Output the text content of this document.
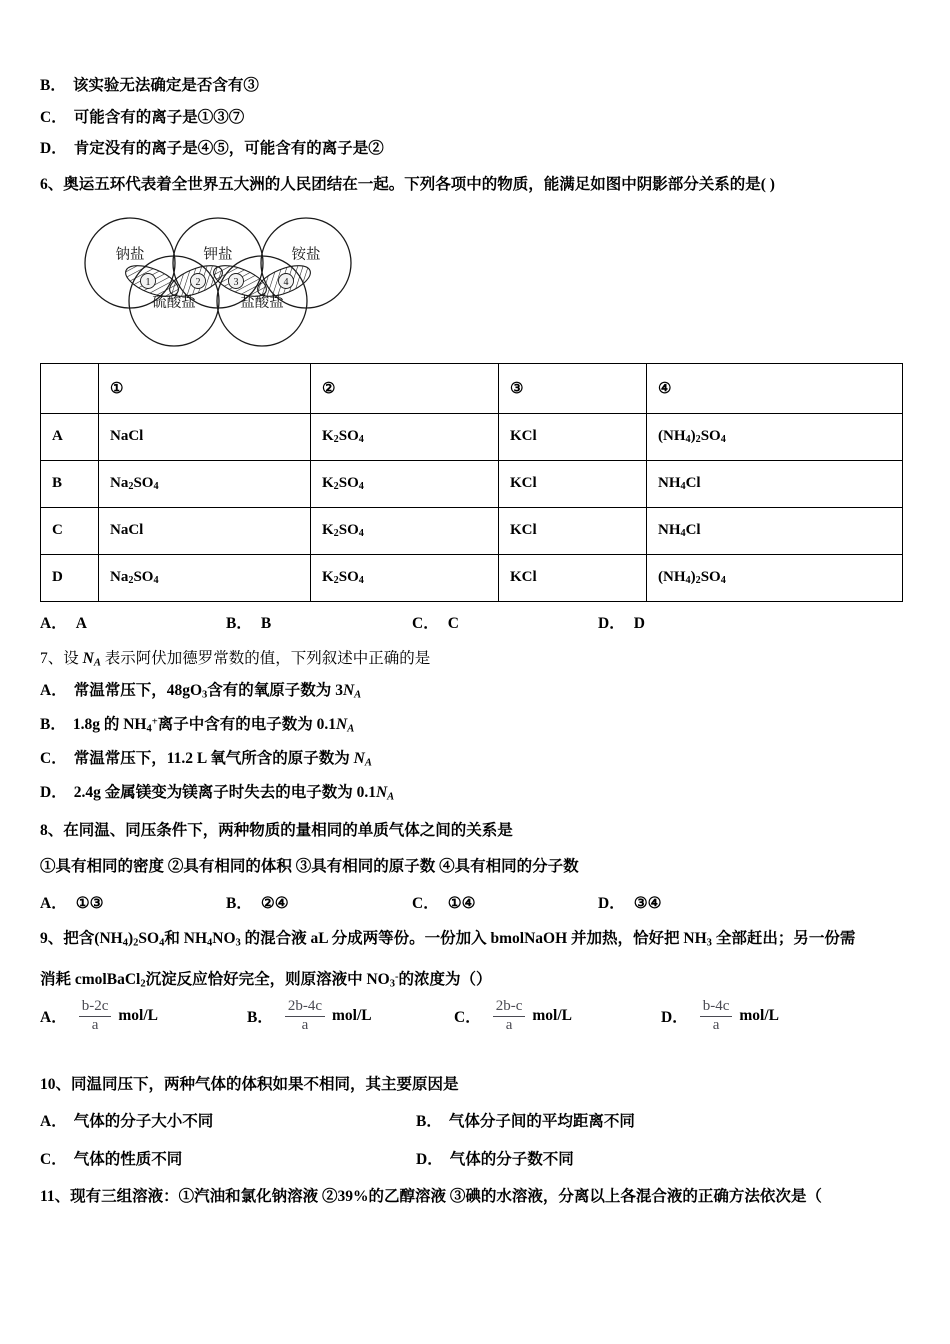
B． 该实验无法确定是否含有③
C． 可能含有的离子是①③⑦
D． 肯定没有的离子是④⑤，可能含有的离子是②
6、奥运五环代表着全世界五大洲的人民团结在一起。下列各项中的物质，能满足如图中阴影部分关系的是( )
1	2	3	4
钠盐	钾盐	铵盐
硫酸盐	盐酸盐
	①	②	③	④
A	NaCl	$K_2SO_4$	KCl	$(NH_4)_2SO_4$
B	$Na_2SO_4$	$K_2SO_4$	KCl	$NH_4Cl$
C	NaCl	$K_2SO_4$	KCl	$NH_4Cl$
D	$Na_2SO_4$	$K_2SO_4$	KCl	$(NH_4)_2SO_4$
A． A	B． B	C． C	D． D
7、设 $N_A$ 表示阿伏加德罗常数的值，下列叙述中正确的是
A． 常温常压下，$48gO_3$含有的氧原子数为 $3N_A$
B． 1.8g 的 $NH_4^+$离子中含有的电子数为 $0.1N_A$
C． 常温常压下，11.2 L 氧气所含的原子数为 $N_A$
D． 2.4g 金属镁变为镁离子时失去的电子数为 $0.1N_A$
8、在同温、同压条件下，两种物质的量相同的单质气体之间的关系是
①具有相同的密度 ②具有相同的体积 ③具有相同的原子数 ④具有相同的分子数
A． ①③	B． ②④	C． ①④	D． ③④
9、把含$(NH_4)_2SO_4$和 $NH_4NO_3$ 的混合液 aL 分成两等份。一份加入 bmolNaOH 并加热，恰好把 $NH_3$ 全部赶出；另一份需
消耗 cmolBaCl$_2$沉淀反应恰好完全，则原溶液中 $NO_3^-$的浓度为（）
A． $\frac{b-2c}{a} mol/L$	B． $\frac{2b-4c}{a} mol/L$	C． $\frac{2b-c}{a} mol/L$	D． $\frac{b-4c}{a} mol/L$
10、同温同压下，两种气体的体积如果不相同，其主要原因是
A． 气体的分子大小不同	B． 气体分子间的平均距离不同
C． 气体的性质不同	D． 气体的分子数不同
11、现有三组溶液：①汽油和氯化钠溶液 ②39%的乙醇溶液 ③碘的水溶液，分离以上各混合液的正确方法依次是（
